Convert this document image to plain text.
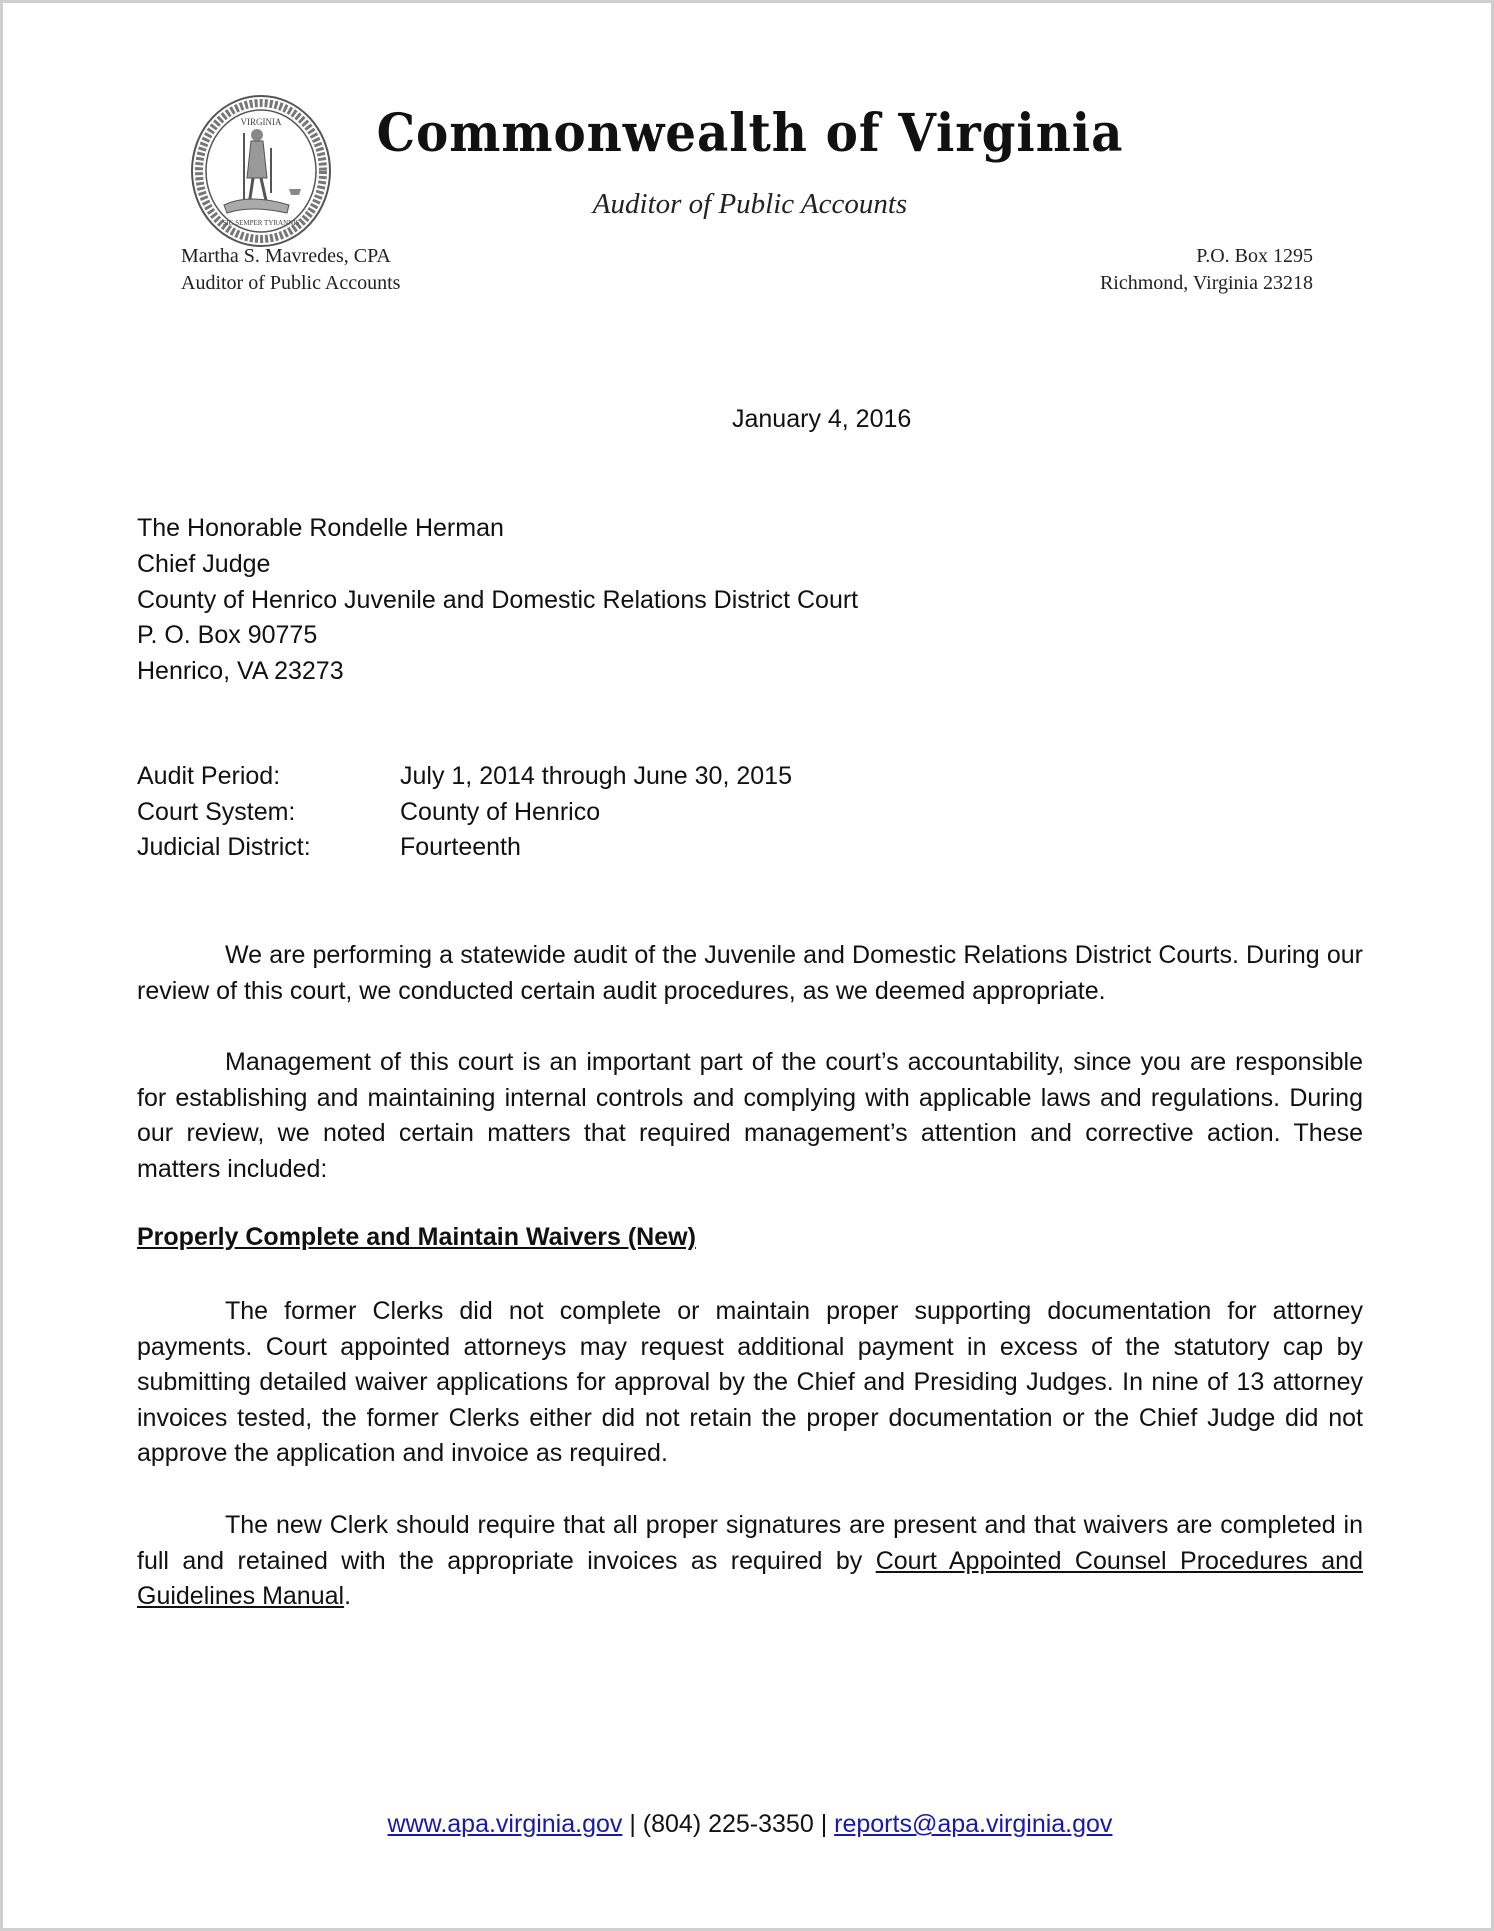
VIRGINIA
SIC SEMPER TYRANNIS
Commonwealth of Virginia
Auditor of Public Accounts
Martha S. Mavredes, CPA
Auditor of Public Accounts
P.O. Box 1295
Richmond, Virginia 23218
January 4, 2016
The Honorable Rondelle Herman
Chief Judge
County of Henrico Juvenile and Domestic Relations District Court
P. O. Box 90775
Henrico, VA 23273
Audit Period:	July 1, 2014 through June 30, 2015
Court System:	County of Henrico
Judicial District:	Fourteenth
We are performing a statewide audit of the Juvenile and Domestic Relations District Courts. During our review of this court, we conducted certain audit procedures, as we deemed appropriate.
Management of this court is an important part of the court’s accountability, since you are responsible for establishing and maintaining internal controls and complying with applicable laws and regulations. During our review, we noted certain matters that required management’s attention and corrective action. These matters included:
Properly Complete and Maintain Waivers (New)
The former Clerks did not complete or maintain proper supporting documentation for attorney payments. Court appointed attorneys may request additional payment in excess of the statutory cap by submitting detailed waiver applications for approval by the Chief and Presiding Judges. In nine of 13 attorney invoices tested, the former Clerks either did not retain the proper documentation or the Chief Judge did not approve the application and invoice as required.
The new Clerk should require that all proper signatures are present and that waivers are completed in full and retained with the appropriate invoices as required by Court Appointed Counsel Procedures and Guidelines Manual.
www.apa.virginia.gov | (804) 225-3350 | reports@apa.virginia.gov
